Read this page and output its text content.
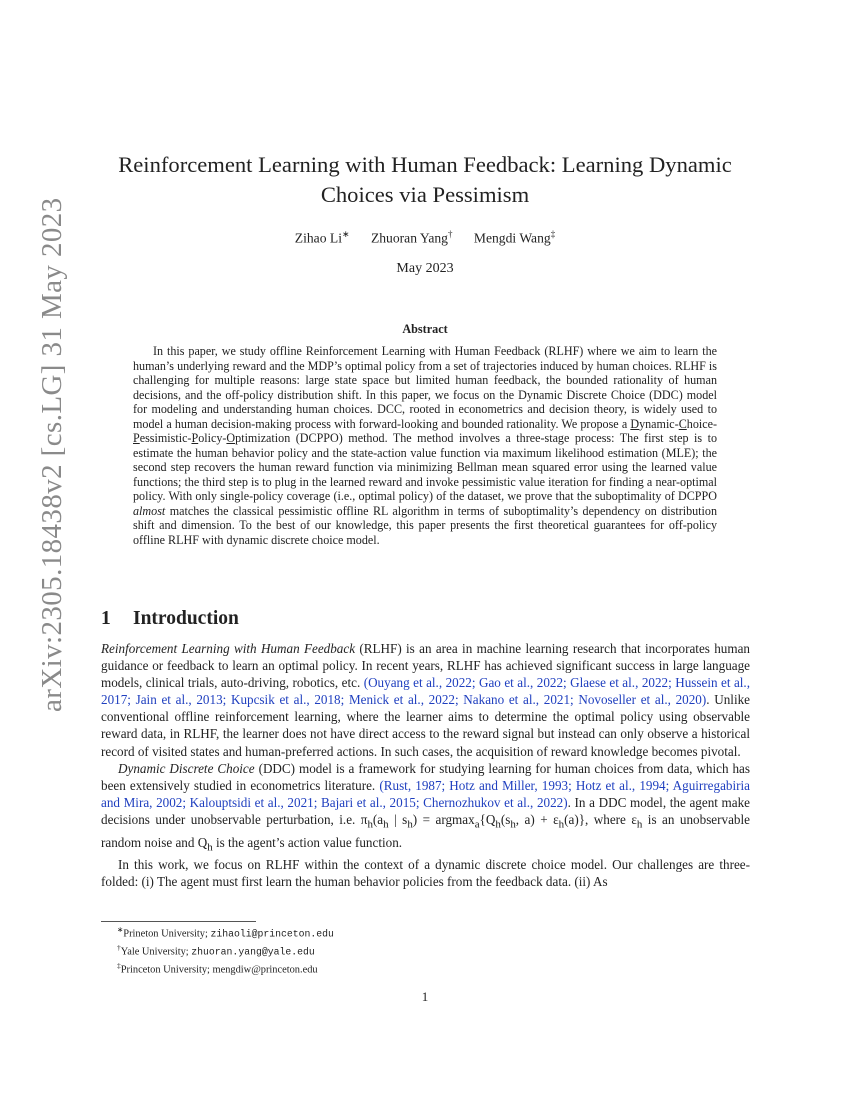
arXiv:2305.18438v2 [cs.LG] 31 May 2023
Reinforcement Learning with Human Feedback: Learning Dynamic Choices via Pessimism
Zihao Li∗ Zhuoran Yang† Mengdi Wang‡
May 2023
Abstract
In this paper, we study offline Reinforcement Learning with Human Feedback (RLHF) where we aim to learn the human’s underlying reward and the MDP’s optimal policy from a set of trajectories induced by human choices. RLHF is challenging for multiple reasons: large state space but limited human feedback, the bounded rationality of human decisions, and the off-policy distribution shift. In this paper, we focus on the Dynamic Discrete Choice (DDC) model for modeling and understanding human choices. DCC, rooted in econometrics and decision theory, is widely used to model a human decision-making process with forward-looking and bounded rationality. We propose a Dynamic-Choice-Pessimistic-Policy-Optimization (DCPPO) method. The method involves a three-stage process: The first step is to estimate the human behavior policy and the state-action value function via maximum likelihood estimation (MLE); the second step recovers the human reward function via minimizing Bellman mean squared error using the learned value functions; the third step is to plug in the learned reward and invoke pessimistic value iteration for finding a near-optimal policy. With only single-policy coverage (i.e., optimal policy) of the dataset, we prove that the suboptimality of DCPPO almost matches the classical pessimistic offline RL algorithm in terms of suboptimality’s dependency on distribution shift and dimension. To the best of our knowledge, this paper presents the first theoretical guarantees for off-policy offline RLHF with dynamic discrete choice model.
1 Introduction

Reinforcement Learning with Human Feedback (RLHF) is an area in machine learning research that incorporates human guidance or feedback to learn an optimal policy. In recent years, RLHF has achieved significant success in large language models, clinical trials, auto-driving, robotics, etc. (Ouyang et al., 2022; Gao et al., 2022; Glaese et al., 2022; Hussein et al., 2017; Jain et al., 2013; Kupcsik et al., 2018; Menick et al., 2022; Nakano et al., 2021; Novoseller et al., 2020). Unlike conventional offline reinforcement learning, where the learner aims to determine the optimal policy using observable reward data, in RLHF, the learner does not have direct access to the reward signal but instead can only observe a historical record of visited states and human-preferred actions. In such cases, the acquisition of reward knowledge becomes pivotal.

Dynamic Discrete Choice (DDC) model is a framework for studying learning for human choices from data, which has been extensively studied in econometrics literature. (Rust, 1987; Hotz and Miller, 1993; Hotz et al., 1994; Aguirregabiria and Mira, 2002; Kalouptsidi et al., 2021; Bajari et al., 2015; Chernozhukov et al., 2022). In a DDC model, the agent make decisions under unobservable perturbation, i.e. $\pi_h(a_h$ | $s_h) = argmax_a\{Q_h(s_h$, $a) + \varepsilon_h(a)$}, where $\varepsilon_h$ is an unobservable random noise and $Q_h$ is the agent’s action value function.

In this work, we focus on RLHF within the context of a dynamic discrete choice model. Our challenges are three-folded: (i) The agent must first learn the human behavior policies from the feedback data. (ii) As

∗Prineton University; zihaoli@princeton.edu
†Yale University; zhuoran.yang@yale.edu
‡Princeton University; mengdiw@princeton.edu
1
